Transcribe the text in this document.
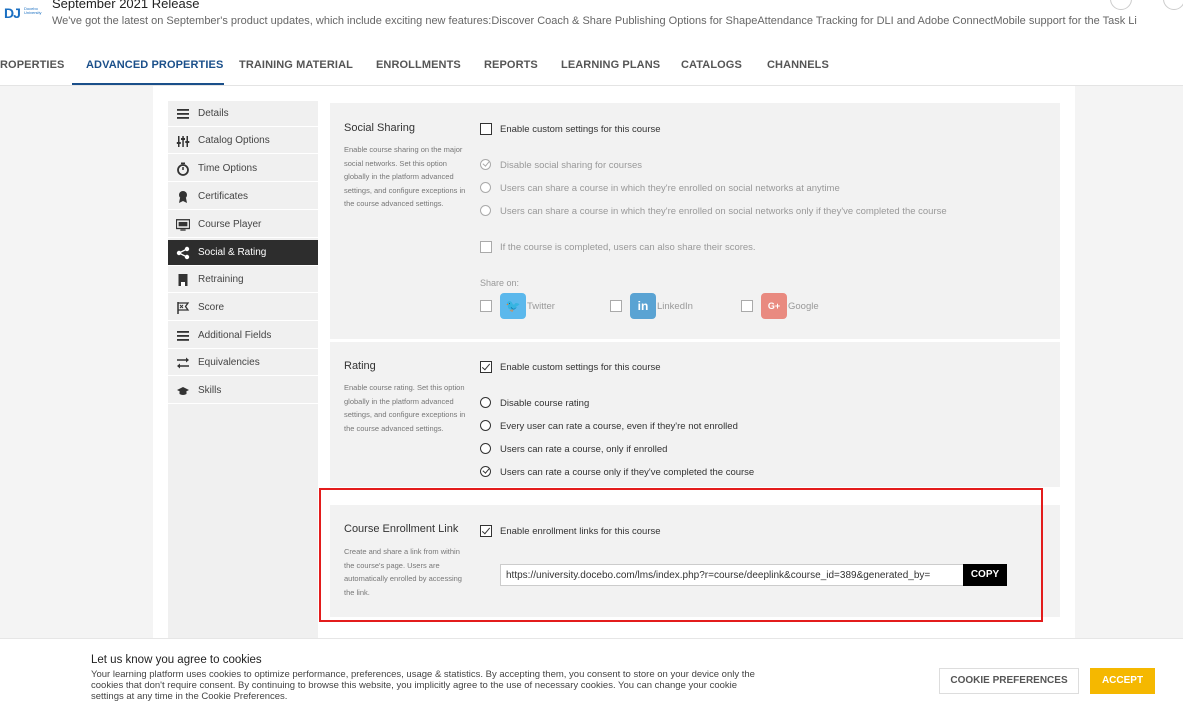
DJ Docebo University
September 2021 Release
We've got the latest on September's product updates, which include exciting new features:Discover Coach & Share Publishing Options for ShapeAttendance Tracking for DLI and Adobe ConnectMobile support for the Task Li
ROPERTIES ADVANCED PROPERTIES TRAINING MATERIAL ENROLLMENTS REPORTS LEARNING PLANS CATALOGS CHANNELS
Details
Catalog Options
Time Options
Certificates
Course Player
Social & Rating
Retraining
Score
Additional Fields
Equivalencies
Skills
Social Sharing
Enable course sharing on the major social networks. Set this option globally in the platform advanced settings, and configure exceptions in the course advanced settings.
Enable custom settings for this course
Disable social sharing for courses
Users can share a course in which they're enrolled on social networks at anytime
Users can share a course in which they're enrolled on social networks only if they've completed the course
If the course is completed, users can also share their scores.
Share on:
🐦 Twitter	in LinkedIn	G+ Google
Rating
Enable course rating. Set this option globally in the platform advanced settings, and configure exceptions in the course advanced settings.
Enable custom settings for this course
Disable course rating
Every user can rate a course, even if they're not enrolled
Users can rate a course, only if enrolled
Users can rate a course only if they've completed the course
Course Enrollment Link
Create and share a link from within the course's page. Users are automatically enrolled by accessing the link.
Enable enrollment links for this course
https://university.docebo.com/lms/index.php?r=course/deeplink&course_id=389&generated_by=	COPY
Let us know you agree to cookies
Your learning platform uses cookies to optimize performance, preferences, usage & statistics. By accepting them, you consent to store on your device only the cookies that don't require consent. By continuing to browse this website, you implicitly agree to the use of necessary cookies. You can change your cookie settings at any time in the Cookie Preferences.
COOKIE PREFERENCES	ACCEPT
